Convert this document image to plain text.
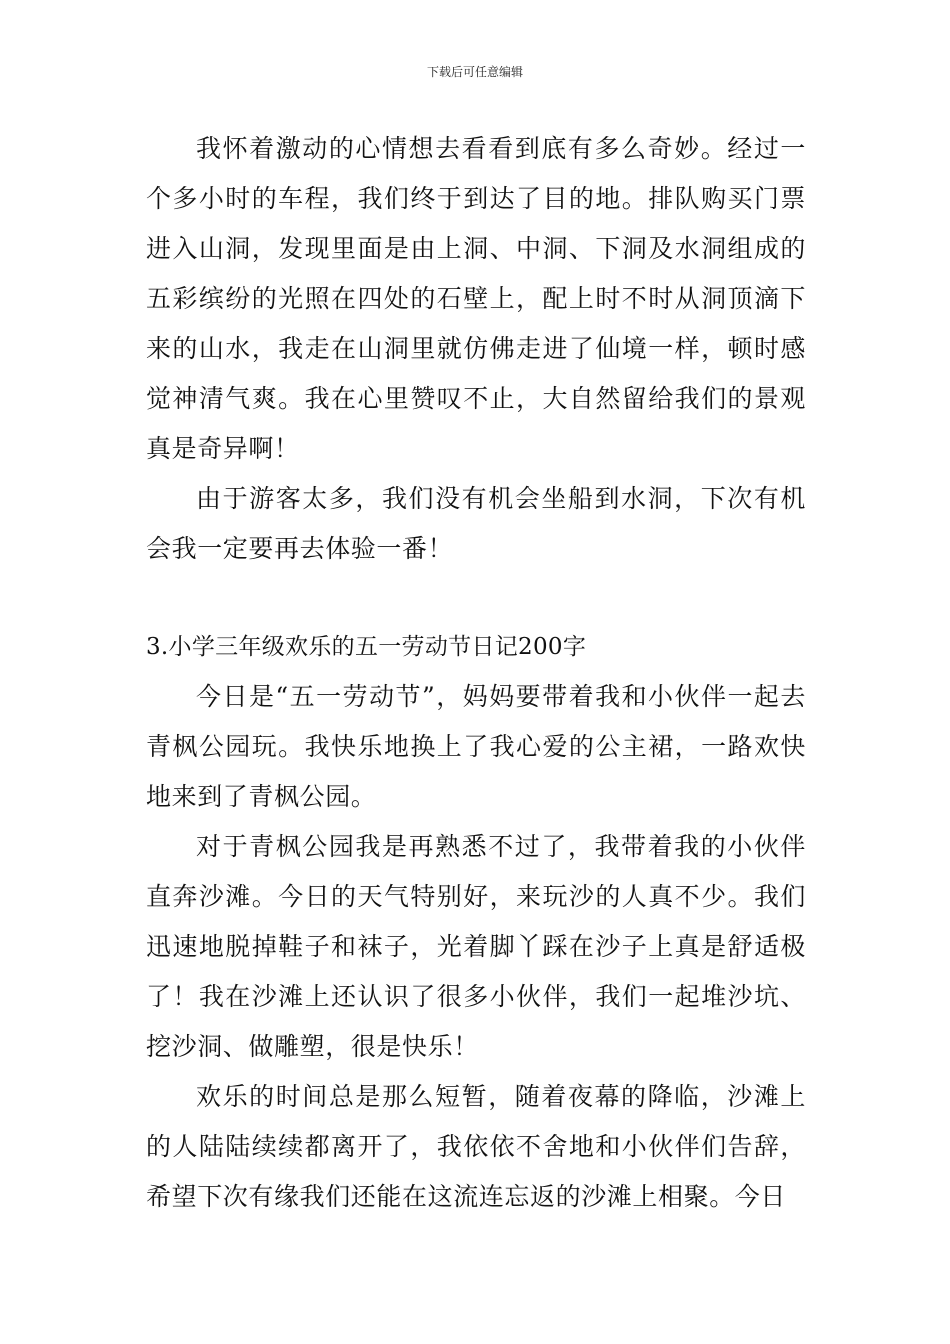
下载后可任意编辑

我怀着激动的心情想去看看到底有多么奇妙。经过一个多小时的车程，我们终于到达了目的地。排队购买门票进入山洞，发现里面是由上洞、中洞、下洞及水洞组成的五彩缤纷的光照在四处的石壁上，配上时不时从洞顶滴下来的山水，我走在山洞里就仿佛走进了仙境一样，顿时感觉神清气爽。我在心里赞叹不止，大自然留给我们的景观真是奇异啊！

由于游客太多，我们没有机会坐船到水洞，下次有机会我一定要再去体验一番！

3.小学三年级欢乐的五一劳动节日记200字

今日是“五一劳动节”，妈妈要带着我和小伙伴一起去青枫公园玩。我快乐地换上了我心爱的公主裙，一路欢快地来到了青枫公园。

对于青枫公园我是再熟悉不过了，我带着我的小伙伴直奔沙滩。今日的天气特别好，来玩沙的人真不少。我们迅速地脱掉鞋子和袜子，光着脚丫踩在沙子上真是舒适极了！我在沙滩上还认识了很多小伙伴，我们一起堆沙坑、挖沙洞、做雕塑，很是快乐！

欢乐的时间总是那么短暂，随着夜幕的降临，沙滩上的人陆陆续续都离开了，我依依不舍地和小伙伴们告辞，希望下次有缘我们还能在这流连忘返的沙滩上相聚。今日
